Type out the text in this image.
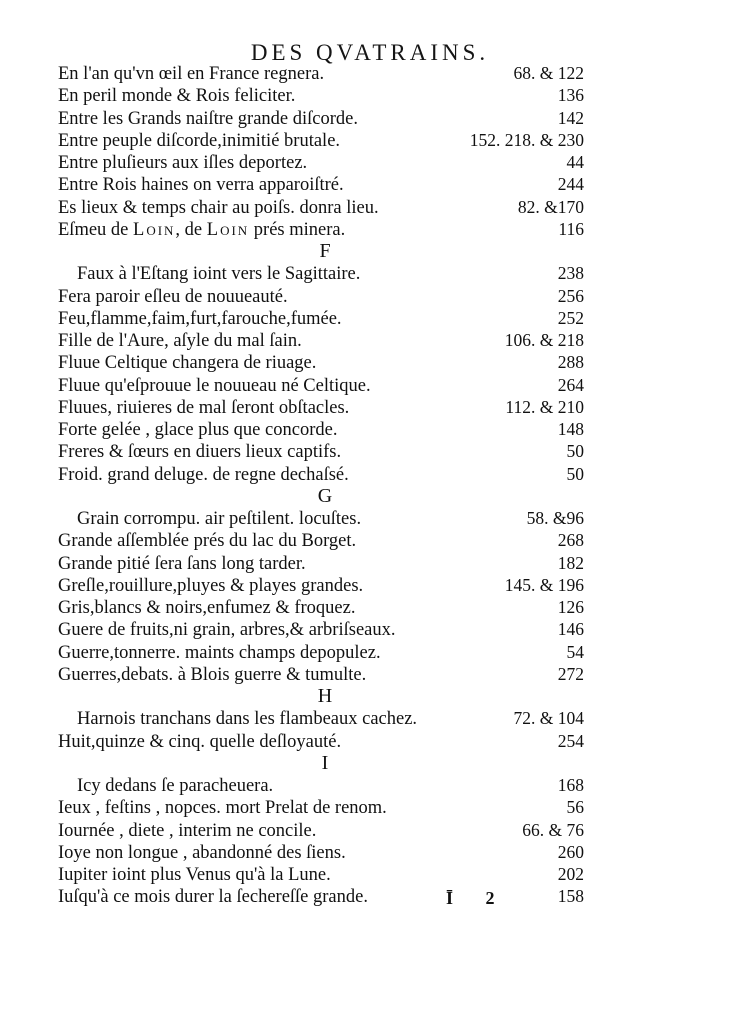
DES QVATRAINS.
En l'an qu'vn œil en France regnera.	68. & 122
En peril monde & Rois feliciter.	136
Entre les Grands naiſtre grande diſcorde.	142
Entre peuple diſcorde,inimitié brutale.	152. 218. & 230
Entre pluſieurs aux iſles deportez.	44
Entre Rois haines on verra apparoiſtré.	244
Es lieux & temps chair au poiſs. donra lieu.	82. &170
Eſmeu de Loin, de Loin prés minera.	116
F
Faux à l'Eſtang ioint vers le Sagittaire.	238
Fera paroir eſleu de nouueauté.	256
Feu,flamme,faim,furt,farouche,fumée.	252
Fille de l'Aure, aſyle du mal ſain.	106. & 218
Fluue Celtique changera de riuage.	288
Fluue qu'eſprouue le nouueau né Celtique.	264
Fluues, riuieres de mal ſeront obſtacles.	112. & 210
Forte gelée , glace plus que concorde.	148
Freres & ſœurs en diuers lieux captifs.	50
Froid. grand deluge. de regne dechaſsé.	50
G
Grain corrompu. air peſtilent. locuſtes.	58. &96
Grande aſſemblée prés du lac du Borget.	268
Grande pitié ſera ſans long tarder.	182
Greſle,rouillure,pluyes & playes grandes.	145. & 196
Gris,blancs & noirs,enfumez & froquez.	126
Guere de fruits,ni grain, arbres,& arbriſseaux.	146
Guerre,tonnerre. maints champs depopulez.	54
Guerres,debats. à Blois guerre & tumulte.	272
H
Harnois tranchans dans les flambeaux cachez.	72. & 104
Huit,quinze & cinq. quelle deſloyauté.	254
I
Icy dedans ſe paracheuera.	168
Ieux , feſtins , nopces. mort Prelat de renom.	56
Iournée , diete , interim ne concile.	66. & 76
Ioye non longue , abandonné des ſiens.	260
Iupiter ioint plus Venus qu'à la Lune.	202
Iuſqu'à ce mois durer la ſechereſſe grande.	158
Ī 2
